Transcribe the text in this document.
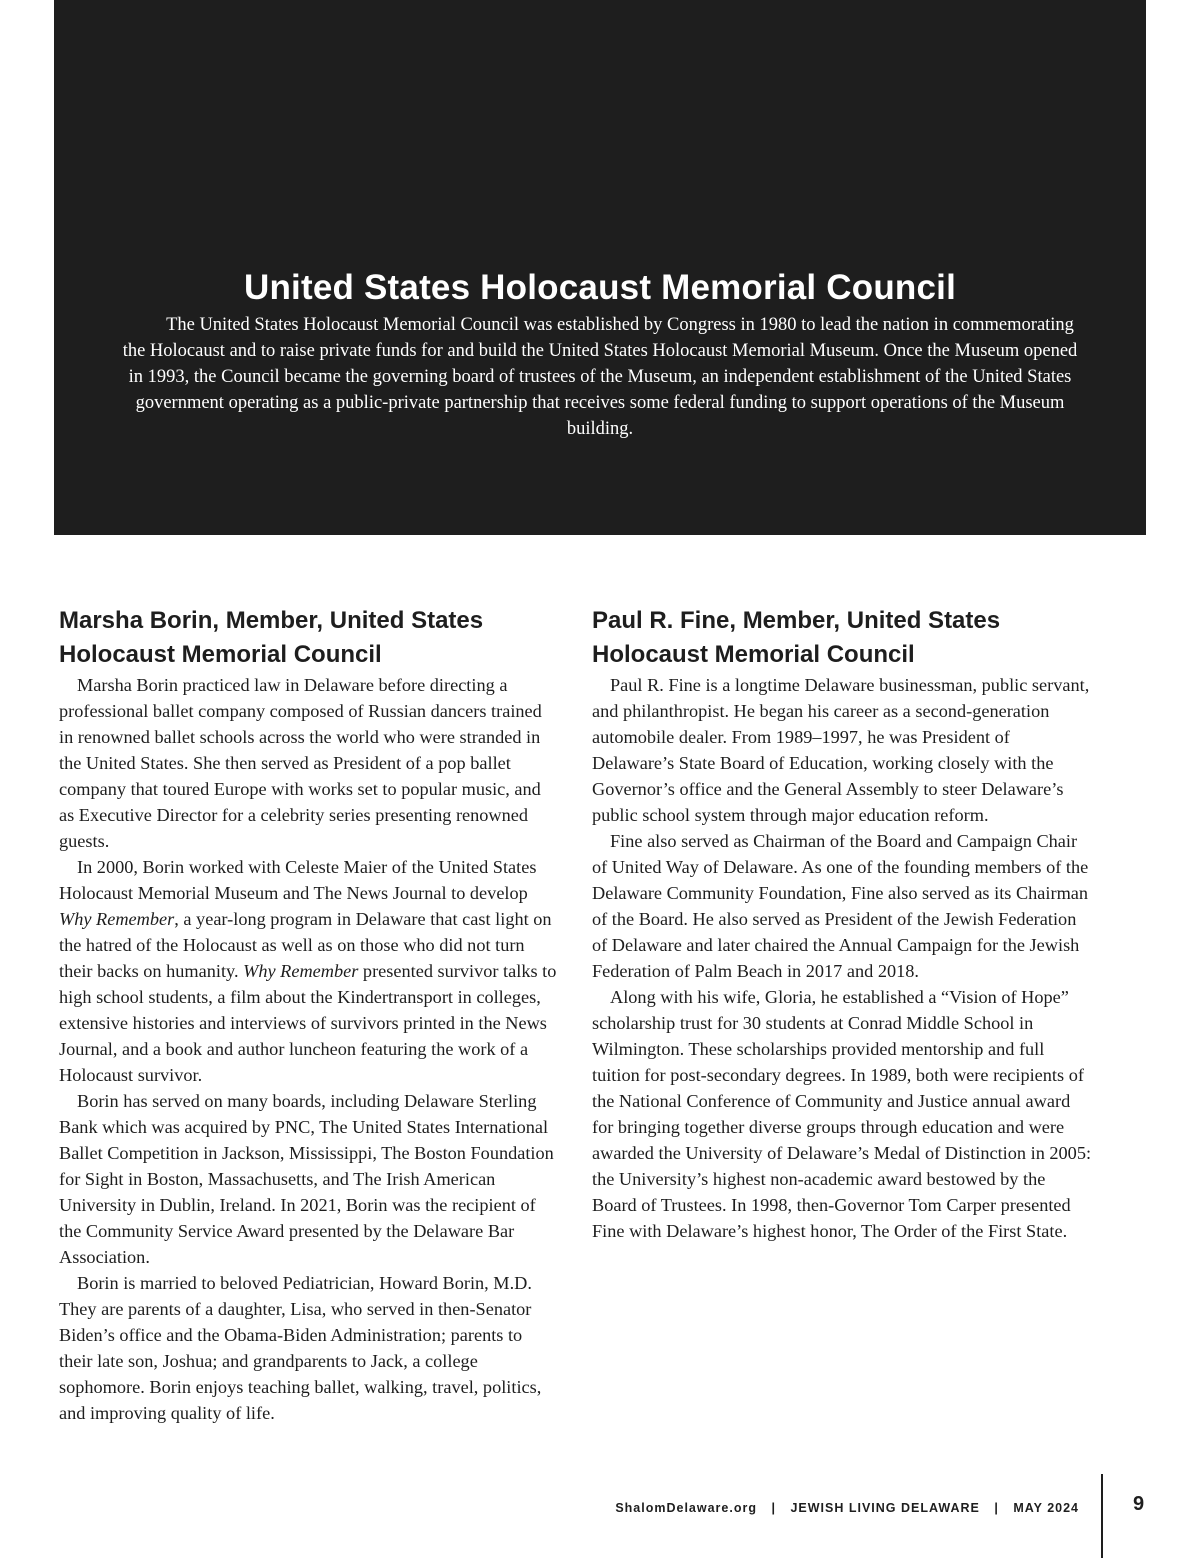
United States Holocaust Memorial Council

The United States Holocaust Memorial Council was established by Congress in 1980 to lead the nation in commemorating the Holocaust and to raise private funds for and build the United States Holocaust Memorial Museum. Once the Museum opened in 1993, the Council became the governing board of trustees of the Museum, an independent establishment of the United States government operating as a public-private partnership that receives some federal funding to support operations of the Museum building.

Marsha Borin, Member, United States Holocaust Memorial Council

Marsha Borin practiced law in Delaware before directing a professional ballet company composed of Russian dancers trained in renowned ballet schools across the world who were stranded in the United States. She then served as President of a pop ballet company that toured Europe with works set to popular music, and as Executive Director for a celebrity series presenting renowned guests.

In 2000, Borin worked with Celeste Maier of the United States Holocaust Memorial Museum and The News Journal to develop Why Remember, a year-long program in Delaware that cast light on the hatred of the Holocaust as well as on those who did not turn their backs on humanity. Why Remember presented survivor talks to high school students, a film about the Kindertransport in colleges, extensive histories and interviews of survivors printed in the News Journal, and a book and author luncheon featuring the work of a Holocaust survivor.

Borin has served on many boards, including Delaware Sterling Bank which was acquired by PNC, The United States International Ballet Competition in Jackson, Mississippi, The Boston Foundation for Sight in Boston, Massachusetts, and The Irish American University in Dublin, Ireland. In 2021, Borin was the recipient of the Community Service Award presented by the Delaware Bar Association.

Borin is married to beloved Pediatrician, Howard Borin, M.D. They are parents of a daughter, Lisa, who served in then-Senator Biden’s office and the Obama-Biden Administration; parents to their late son, Joshua; and grandparents to Jack, a college sophomore. Borin enjoys teaching ballet, walking, travel, politics, and improving quality of life.

Paul R. Fine, Member, United States Holocaust Memorial Council

Paul R. Fine is a longtime Delaware businessman, public servant, and philanthropist. He began his career as a second-generation automobile dealer. From 1989–1997, he was President of Delaware’s State Board of Education, working closely with the Governor’s office and the General Assembly to steer Delaware’s public school system through major education reform.

Fine also served as Chairman of the Board and Campaign Chair of United Way of Delaware. As one of the founding members of the Delaware Community Foundation, Fine also served as its Chairman of the Board. He also served as President of the Jewish Federation of Delaware and later chaired the Annual Campaign for the Jewish Federation of Palm Beach in 2017 and 2018.

Along with his wife, Gloria, he established a “Vision of Hope” scholarship trust for 30 students at Conrad Middle School in Wilmington. These scholarships provided mentorship and full tuition for post-secondary degrees. In 1989, both were recipients of the National Conference of Community and Justice annual award for bringing together diverse groups through education and were awarded the University of Delaware’s Medal of Distinction in 2005: the University’s highest non-academic award bestowed by the Board of Trustees. In 1998, then-Governor Tom Carper presented Fine with Delaware’s highest honor, The Order of the First State.

ShalomDelaware.org | JEWISH LIVING DELAWARE | MAY 2024	9
